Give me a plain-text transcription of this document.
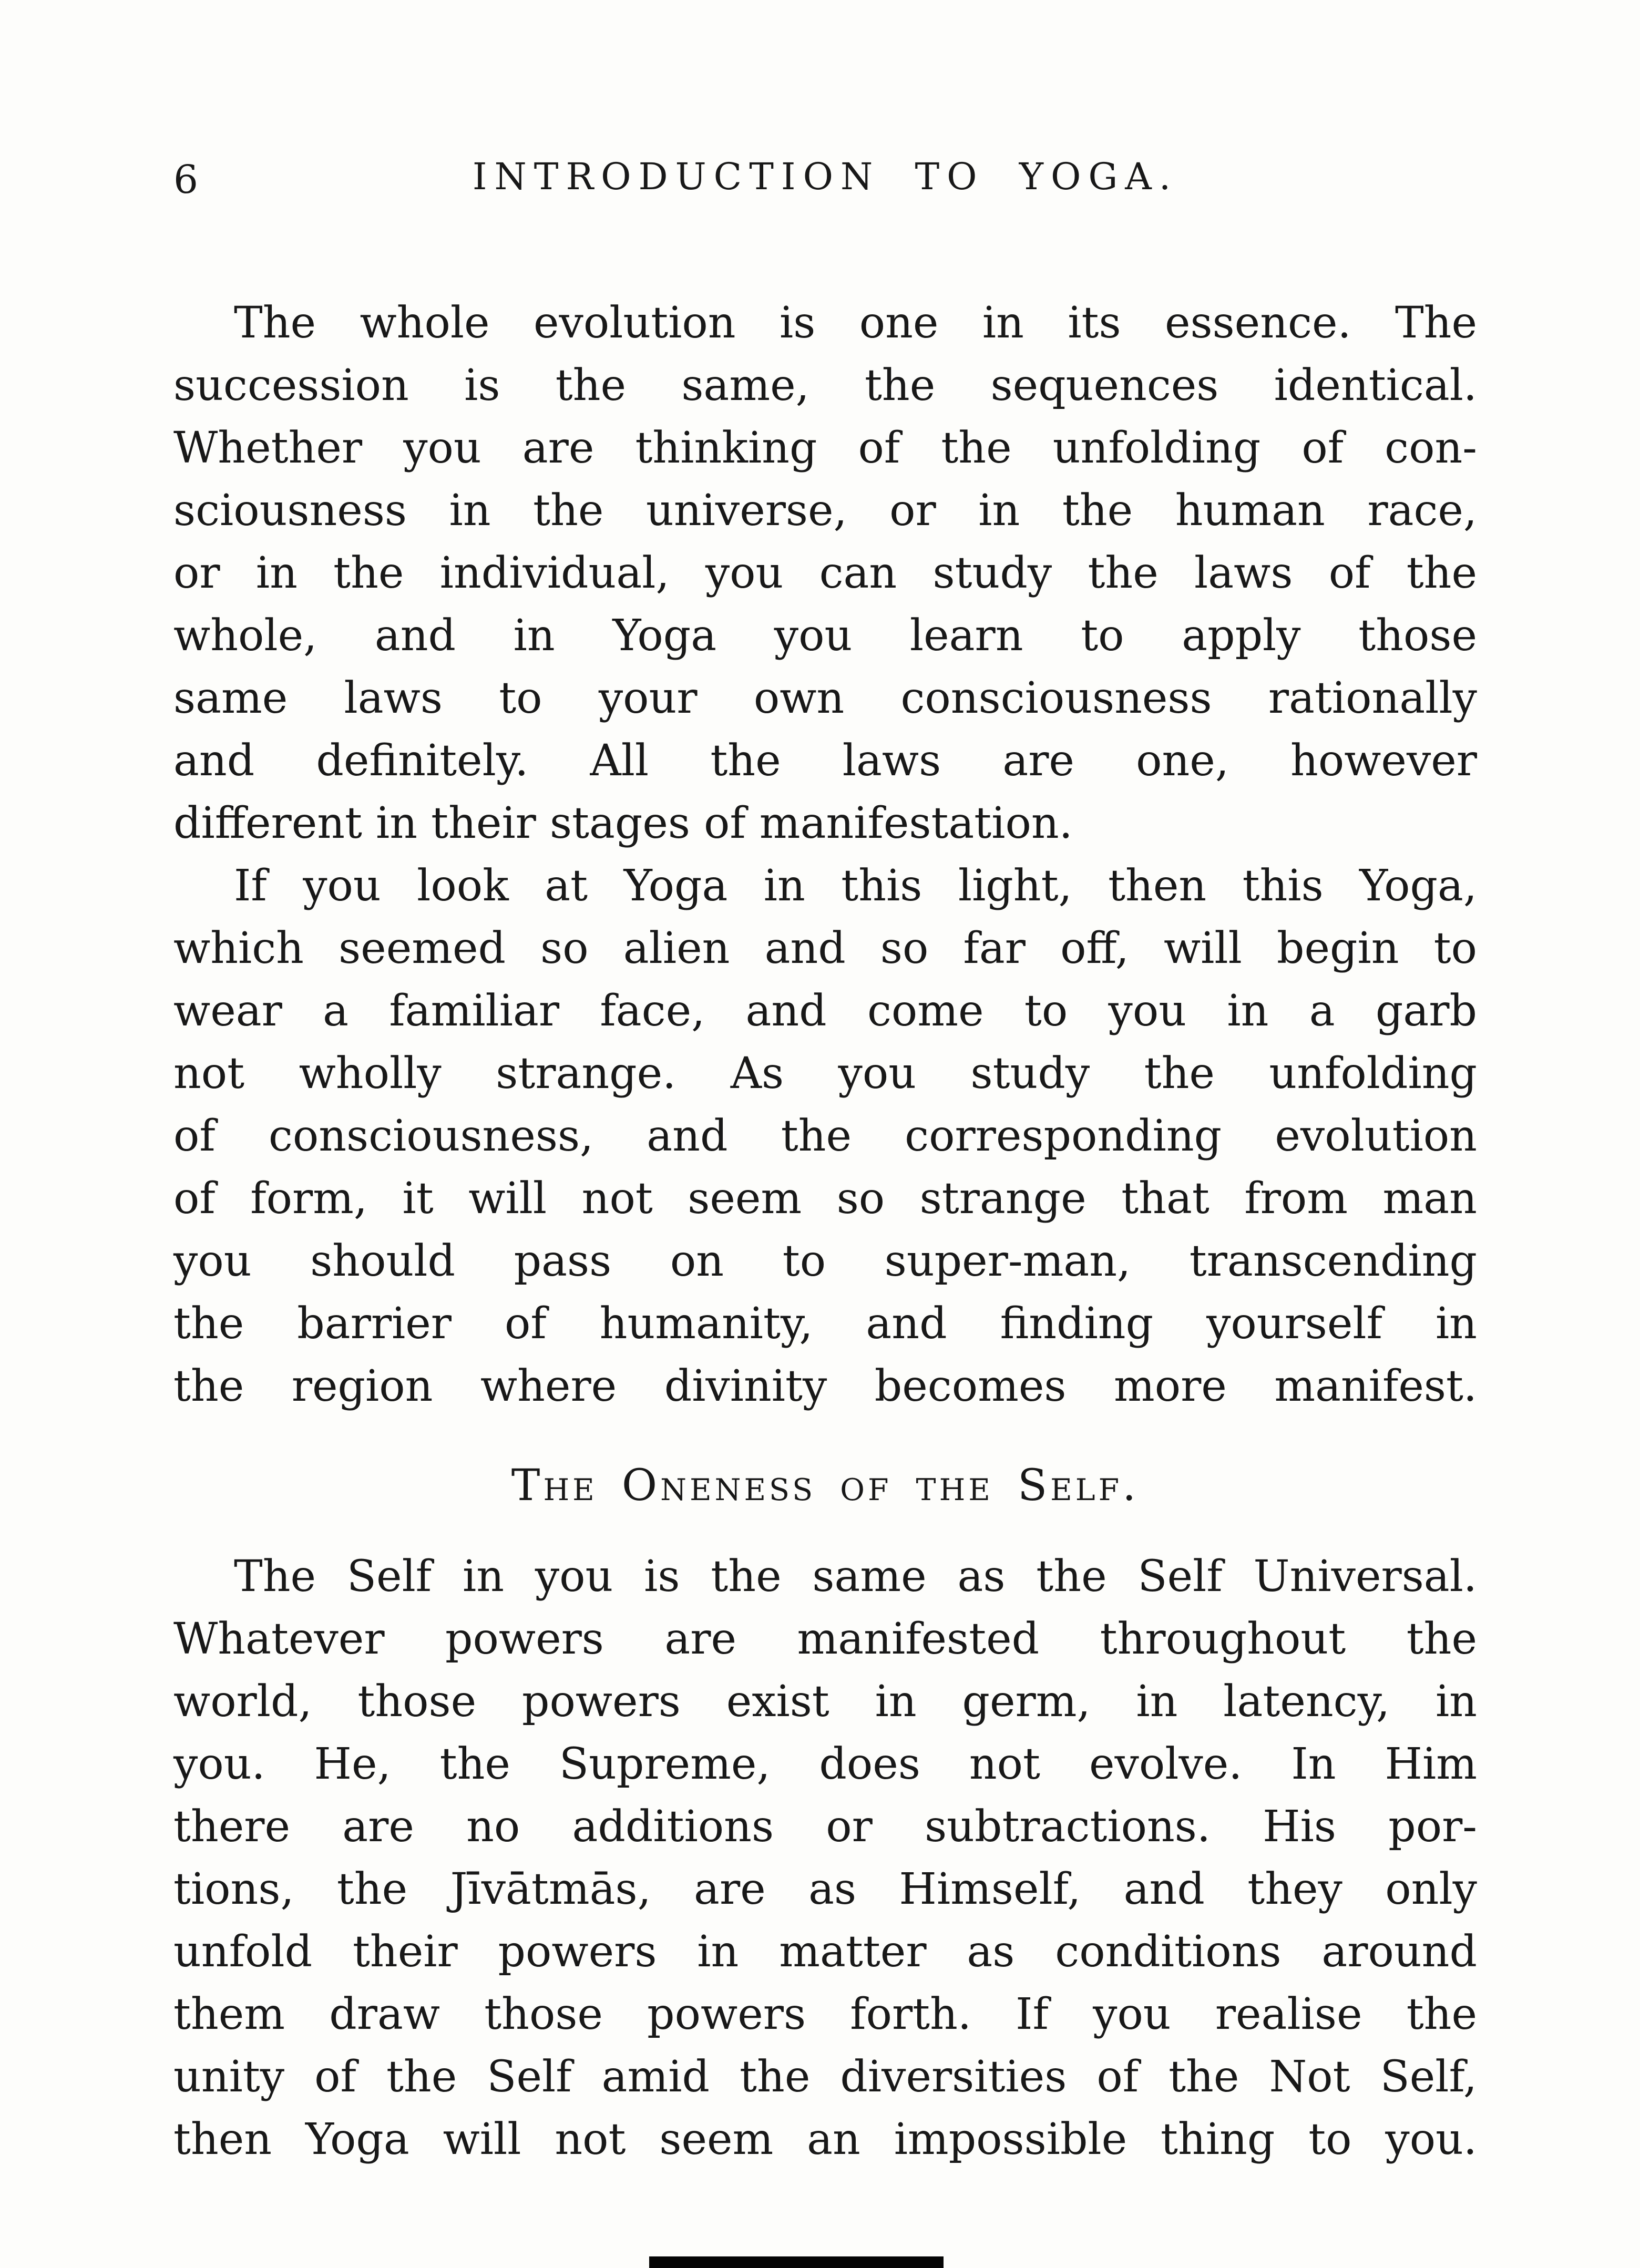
6	INTRODUCTION TO YOGA.
The whole evolution is one in its essence. The
succession is the same, the sequences identical.
Whether you are thinking of the unfolding of con-
sciousness in the universe, or in the human race,
or in the individual, you can study the laws of the
whole, and in Yoga you learn to apply those
same laws to your own consciousness rationally
and definitely. All the laws are one, however
different in their stages of manifestation.
If you look at Yoga in this light, then this Yoga,
which seemed so alien and so far off, will begin to
wear a familiar face, and come to you in a garb
not wholly strange. As you study the unfolding
of consciousness, and the corresponding evolution
of form, it will not seem so strange that from man
you should pass on to super-man, transcending
the barrier of humanity, and finding yourself in
the region where divinity becomes more manifest.
The Oneness of the Self.
The Self in you is the same as the Self Universal.
Whatever powers are manifested throughout the
world, those powers exist in germ, in latency, in
you. He, the Supreme, does not evolve. In Him
there are no additions or subtractions. His por-
tions, the Jīvātmās, are as Himself, and they only
unfold their powers in matter as conditions around
them draw those powers forth. If you realise the
unity of the Self amid the diversities of the Not Self,
then Yoga will not seem an impossible thing to you.
